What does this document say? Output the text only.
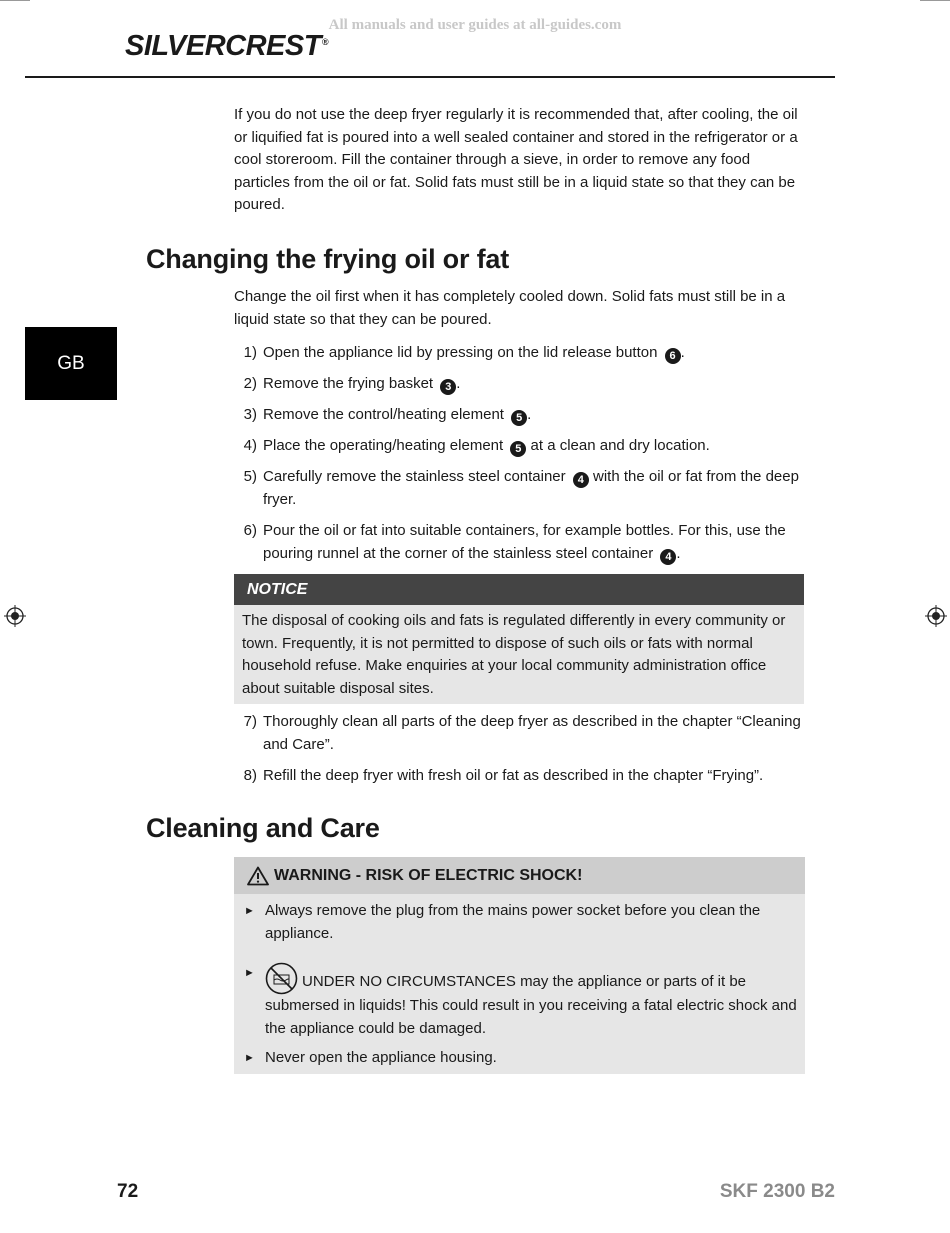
All manuals and user guides at all-guides.com
SILVERCREST®
GB

If you do not use the deep fryer regularly it is recommended that, after cooling, the oil or liquified fat is poured into a well sealed container and stored in the refrigerator or a cool storeroom. Fill the container through a sieve, in order to remove any food particles from the oil or fat. Solid fats must still be in a liquid state so that they can be poured.

Changing the frying oil or fat

Change the oil first when it has completely cooled down. Solid fats must still be in a liquid state so that they can be poured.

1) Open the appliance lid by pressing on the lid release button 6 .
2) Remove the frying basket 3 .
3) Remove the control/heating element 5 .
4) Place the operating/heating element 5 at a clean and dry location.
5) Carefully remove the stainless steel container 4 with the oil or fat from the deep fryer.
6) Pour the oil or fat into suitable containers, for example bottles. For this, use the pouring runnel at the corner of the stainless steel container 4 .
NOTICE
The disposal of cooking oils and fats is regulated differently in every community or town. Frequently, it is not permitted to dispose of such oils or fats with normal household refuse. Make enquiries at your local community administration office about suitable disposal sites.
7) Thoroughly clean all parts of the deep fryer as described in the chapter “Cleaning and Care”.
8) Refill the deep fryer with fresh oil or fat as described in the chapter “Frying”.
Cleaning and Care
WARNING - RISK OF ELECTRIC SHOCK!
► Always remove the plug from the mains power socket before you clean the appliance.
►	UNDER NO CIRCUMSTANCES may the appliance or parts of it be submersed in liquids! This could result in you receiving a fatal electric shock and the appliance could be damaged.
► Never open the appliance housing.
72	SKF 2300 B2
